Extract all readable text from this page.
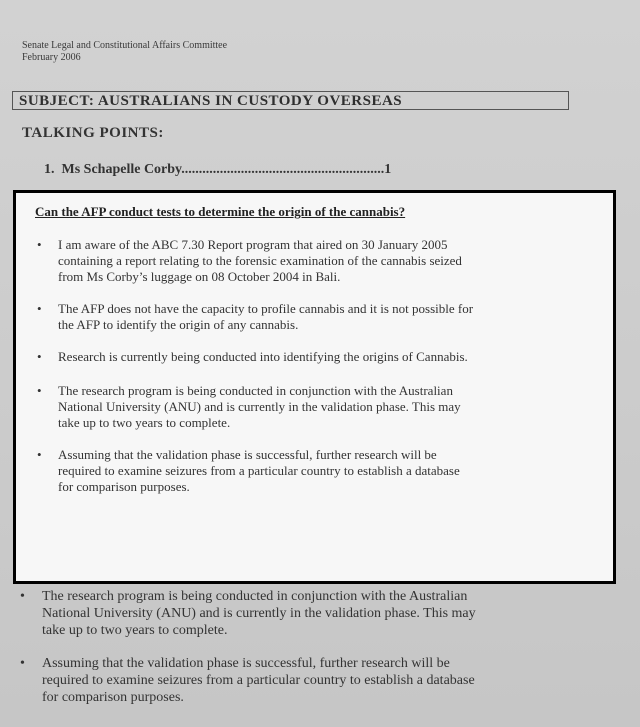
Senate Legal and Constitutional Affairs Committee
February 2006
SUBJECT: AUSTRALIANS IN CUSTODY OVERSEAS
TALKING POINTS:
1. Ms Schapelle Corby..........................................................1
Can the AFP conduct tests to determine the origin of the cannabis?
• I am aware of the ABC 7.30 Report program that aired on 30 January 2005
containing a report relating to the forensic examination of the cannabis seized
from Ms Corby’s luggage on 08 October 2004 in Bali.
• The AFP does not have the capacity to profile cannabis and it is not possible for
the AFP to identify the origin of any cannabis.
• Research is currently being conducted into identifying the origins of Cannabis.
• The research program is being conducted in conjunction with the Australian
National University (ANU) and is currently in the validation phase. This may
take up to two years to complete.
• Assuming that the validation phase is successful, further research will be
required to examine seizures from a particular country to establish a database
for comparison purposes.
• The research program is being conducted in conjunction with the Australian
National University (ANU) and is currently in the validation phase. This may
take up to two years to complete.
• Assuming that the validation phase is successful, further research will be
required to examine seizures from a particular country to establish a database
for comparison purposes.
